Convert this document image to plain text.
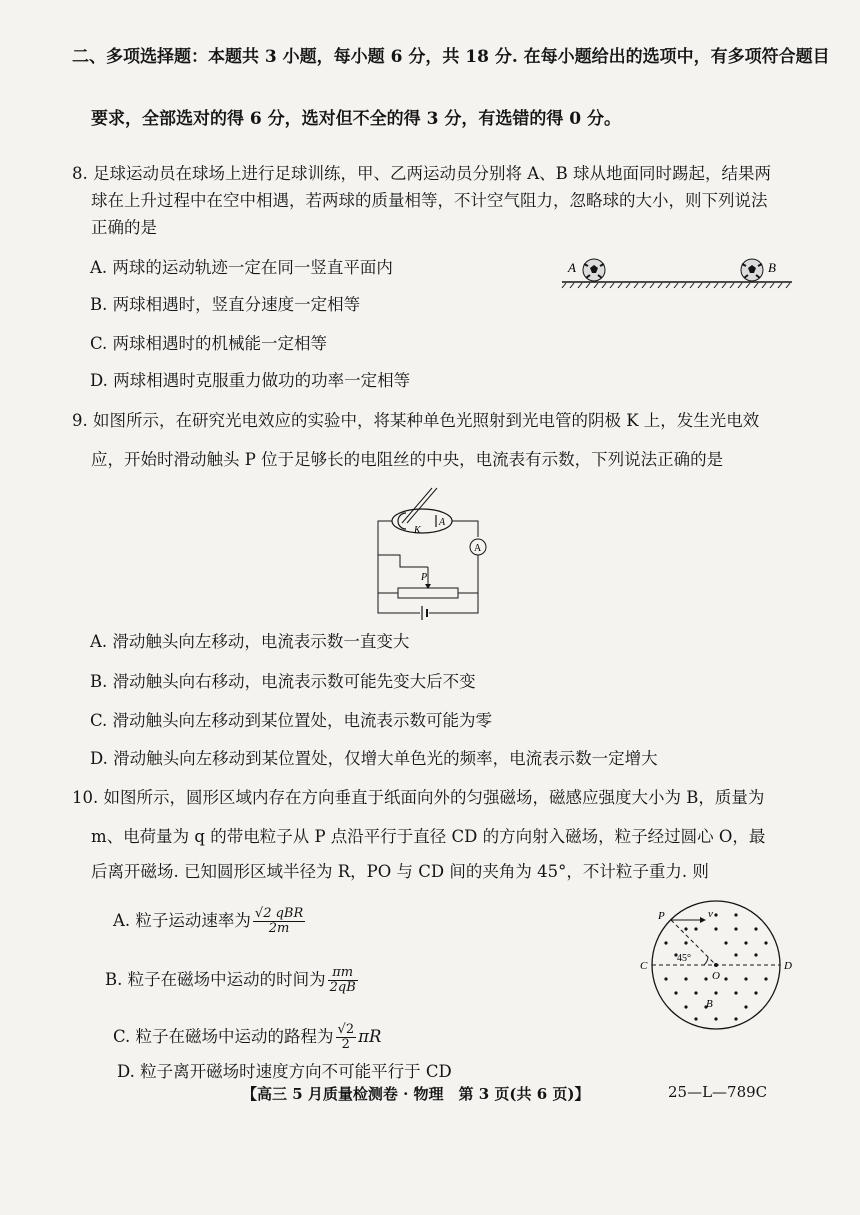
二、多项选择题：本题共 3 小题，每小题 6 分，共 18 分. 在每小题给出的选项中，有多项符合题目
要求，全部选对的得 6 分，选对但不全的得 3 分，有选错的得 0 分。
8. 足球运动员在球场上进行足球训练，甲、乙两运动员分别将 A、B 球从地面同时踢起，结果两
球在上升过程中在空中相遇，若两球的质量相等，不计空气阻力，忽略球的大小，则下列说法
正确的是
A. 两球的运动轨迹一定在同一竖直平面内
B. 两球相遇时，竖直分速度一定相等
C. 两球相遇时的机械能一定相等
D. 两球相遇时克服重力做功的功率一定相等
A	B
9. 如图所示，在研究光电效应的实验中，将某种单色光照射到光电管的阴极 K 上，发生光电效
应，开始时滑动触头 P 位于足够长的电阻丝的中央，电流表有示数，下列说法正确的是
K
A
A
P
A. 滑动触头向左移动，电流表示数一直变大
B. 滑动触头向右移动，电流表示数可能先变大后不变
C. 滑动触头向左移动到某位置处，电流表示数可能为零
D. 滑动触头向左移动到某位置处，仅增大单色光的频率，电流表示数一定增大
10. 如图所示，圆形区域内存在方向垂直于纸面向外的匀强磁场，磁感应强度大小为 B，质量为
m、电荷量为 q 的带电粒子从 P 点沿平行于直径 CD 的方向射入磁场，粒子经过圆心 O，最
后离开磁场. 已知圆形区域半径为 R，PO 与 CD 间的夹角为 45°，不计粒子重力. 则
A. 粒子运动速率为 $\frac{\text{√2 qBR}}{2m}$
B. 粒子在磁场中运动的时间为 $\frac{\pi m}{2qB}$
C. 粒子在磁场中运动的路程为 $\frac{√2}{2}$ πR
D. 粒子离开磁场时速度方向不可能平行于 CD
P	v
C	D
O
45°
B
【高三 5 月质量检测卷 · 物理　第 3 页(共 6 页)】	25—L—789C
